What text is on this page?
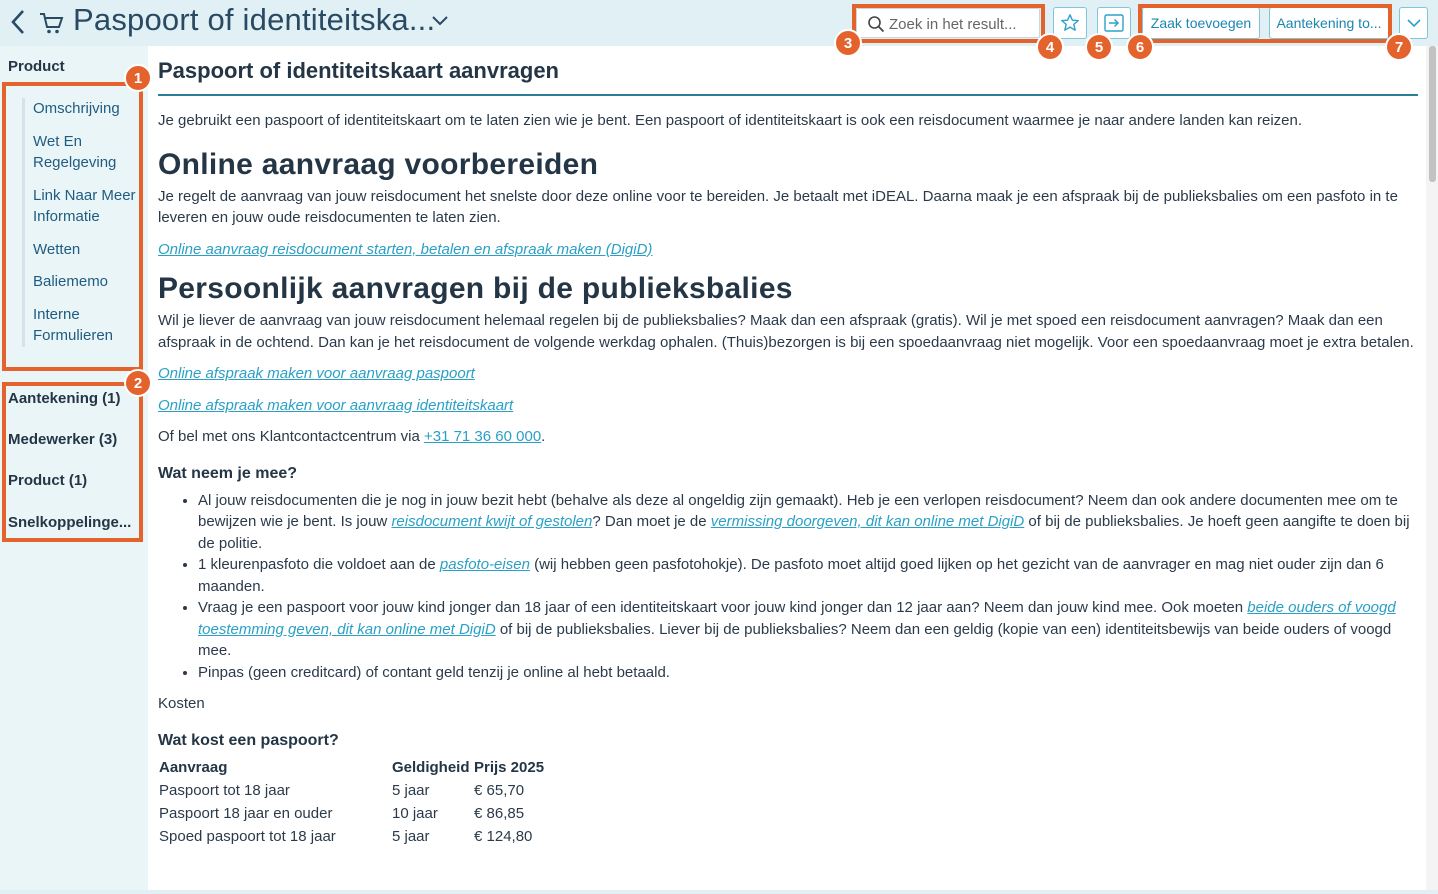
Paspoort of identiteitska...
Zoek in het result...	Zaak toevoegen	Aantekening to...
Product
Omschrijving
Wet En Regelgeving
Link Naar Meer Informatie
Wetten
Baliememo
Interne Formulieren
Aantekening (1)
Medewerker (3)
Product (1)
Snelkoppelinge...
Paspoort of identiteitskaart aanvragen

Je gebruikt een paspoort of identiteitskaart om te laten zien wie je bent. Een paspoort of identiteitskaart is ook een reisdocument waarmee je naar andere landen kan reizen.

Online aanvraag voorbereiden

Je regelt de aanvraag van jouw reisdocument het snelste door deze online voor te bereiden. Je betaalt met iDEAL. Daarna maak je een afspraak bij de publieksbalies om een pasfoto in te leveren en jouw oude reisdocumenten te laten zien.

Online aanvraag reisdocument starten, betalen en afspraak maken (DigiD)

Persoonlijk aanvragen bij de publieksbalies

Wil je liever de aanvraag van jouw reisdocument helemaal regelen bij de publieksbalies? Maak dan een afspraak (gratis). Wil je met spoed een reisdocument aanvragen? Maak dan een afspraak in de ochtend. Dan kan je het reisdocument de volgende werkdag ophalen. (Thuis)bezorgen is bij een spoedaanvraag niet mogelijk. Voor een spoedaanvraag moet je extra betalen.

Online afspraak maken voor aanvraag paspoort

Online afspraak maken voor aanvraag identiteitskaart

Of bel met ons Klantcontactcentrum via +31 71 36 60 000.

Wat neem je mee?
• Al jouw reisdocumenten die je nog in jouw bezit hebt (behalve als deze al ongeldig zijn gemaakt). Heb je een verlopen reisdocument? Neem dan ook andere documenten mee om te bewijzen wie je bent. Is jouw reisdocument kwijt of gestolen? Dan moet je de vermissing doorgeven, dit kan online met DigiD of bij de publieksbalies. Je hoeft geen aangifte te doen bij de politie.
• 1 kleurenpasfoto die voldoet aan de pasfoto-eisen (wij hebben geen pasfotohokje). De pasfoto moet altijd goed lijken op het gezicht van de aanvrager en mag niet ouder zijn dan 6 maanden.
• Vraag je een paspoort voor jouw kind jonger dan 18 jaar of een identiteitskaart voor jouw kind jonger dan 12 jaar aan? Neem dan jouw kind mee. Ook moeten beide ouders of voogd toestemming geven, dit kan online met DigiD of bij de publieksbalies. Liever bij de publieksbalies? Neem dan een geldig (kopie van een) identiteitsbewijs van beide ouders of voogd mee.
• Pinpas (geen creditcard) of contant geld tenzij je online al hebt betaald.

Kosten

Wat kost een paspoort?
Aanvraag	Geldigheid	Prijs 2025
Paspoort tot 18 jaar	5 jaar	€ 65,70
Paspoort 18 jaar en ouder	10 jaar	€ 86,85
Spoed paspoort tot 18 jaar	5 jaar	€ 124,80
1
2
3	4	5	6	7
